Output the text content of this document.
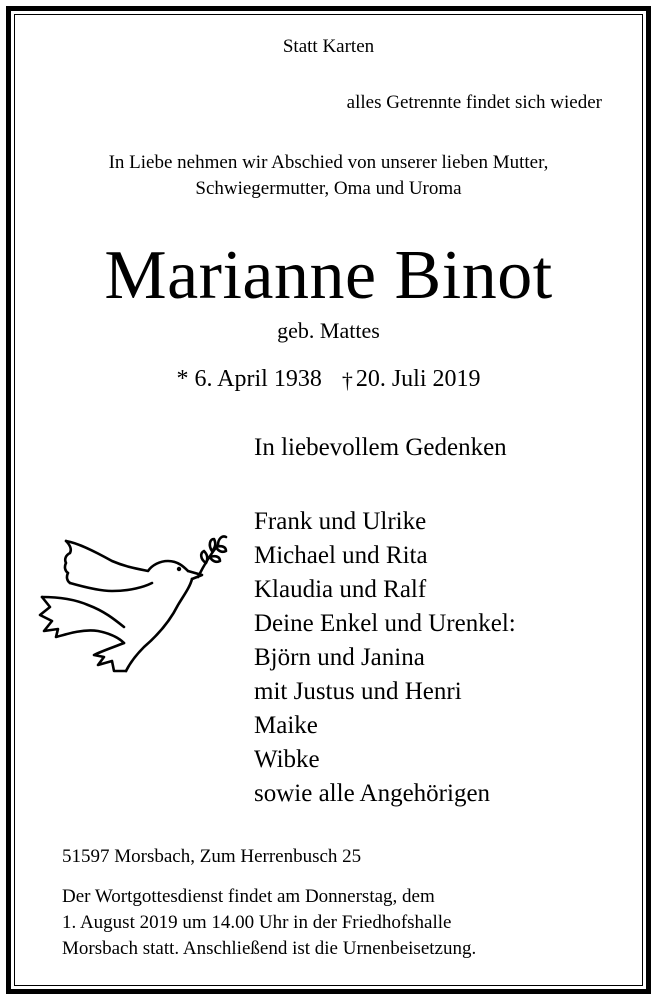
Statt Karten
alles Getrennte findet sich wieder
In Liebe nehmen wir Abschied von unserer lieben Mutter,
Schwiegermutter, Oma und Uroma
Marianne Binot
geb. Mattes
* 6. April 1938 † 20. Juli 2019
In liebevollem Gedenken
Frank und Ulrike
Michael und Rita
Klaudia und Ralf
Deine Enkel und Urenkel:
Björn und Janina
mit Justus und Henri
Maike
Wibke
sowie alle Angehörigen
51597 Morsbach, Zum Herrenbusch 25
Der Wortgottesdienst findet am Donnerstag, dem
1. August 2019 um 14.00 Uhr in der Friedhofshalle
Morsbach statt. Anschließend ist die Urnenbeisetzung.
